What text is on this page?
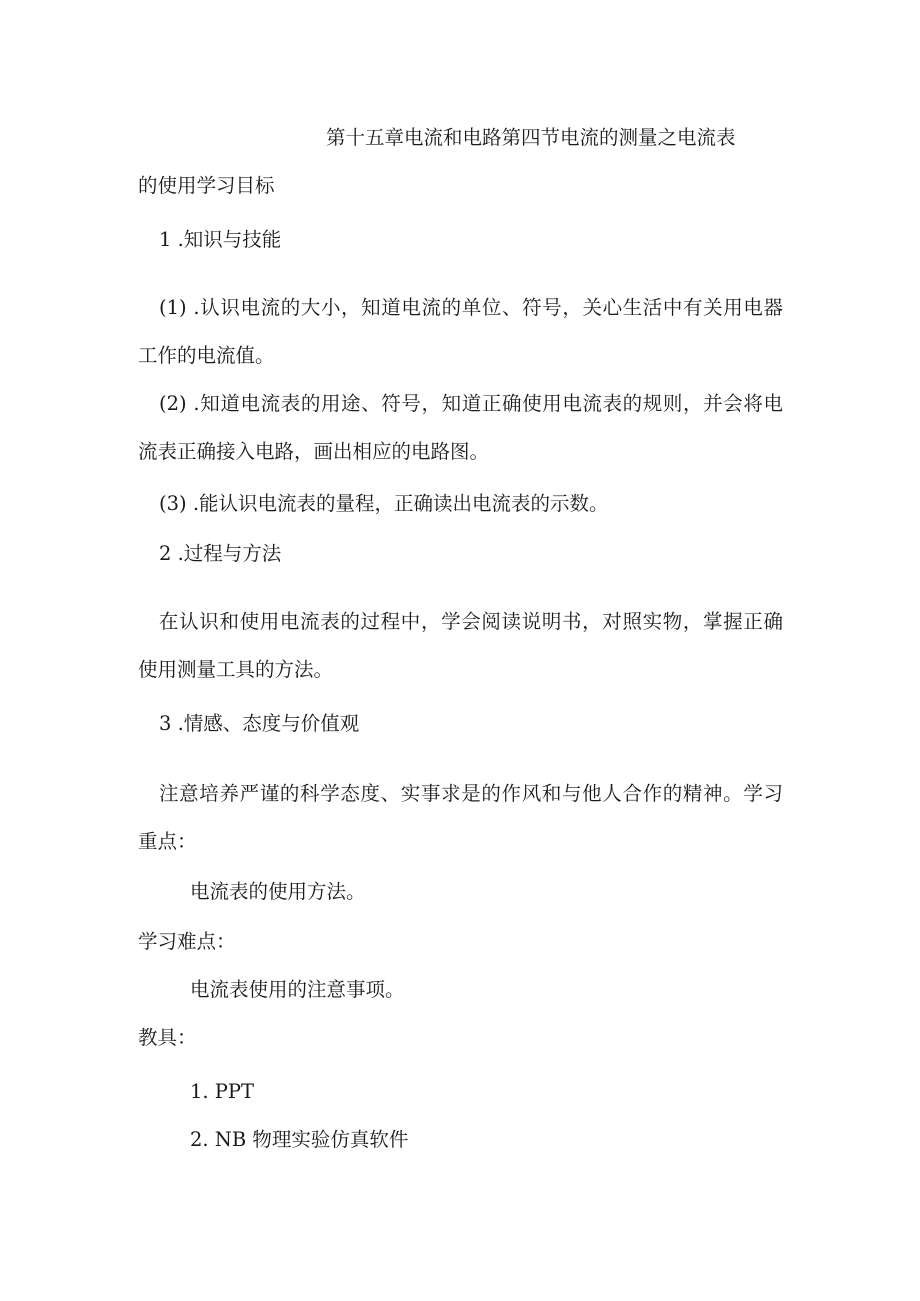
第十五章电流和电路第四节电流的测量之电流表
的使用学习目标
1 .知识与技能
(1) .认识电流的大小，知道电流的单位、符号，关心生活中有关用电器
工作的电流值。
(2) .知道电流表的用途、符号，知道正确使用电流表的规则，并会将电
流表正确接入电路，画出相应的电路图。
(3) .能认识电流表的量程，正确读出电流表的示数。
2 .过程与方法
在认识和使用电流表的过程中，学会阅读说明书，对照实物，掌握正确
使用测量工具的方法。
3 .情感、态度与价值观
注意培养严谨的科学态度、实事求是的作风和与他人合作的精神。学习
重点：
电流表的使用方法。
学习难点：
电流表使用的注意事项。
教具：
1. PPT
2. NB 物理实验仿真软件
